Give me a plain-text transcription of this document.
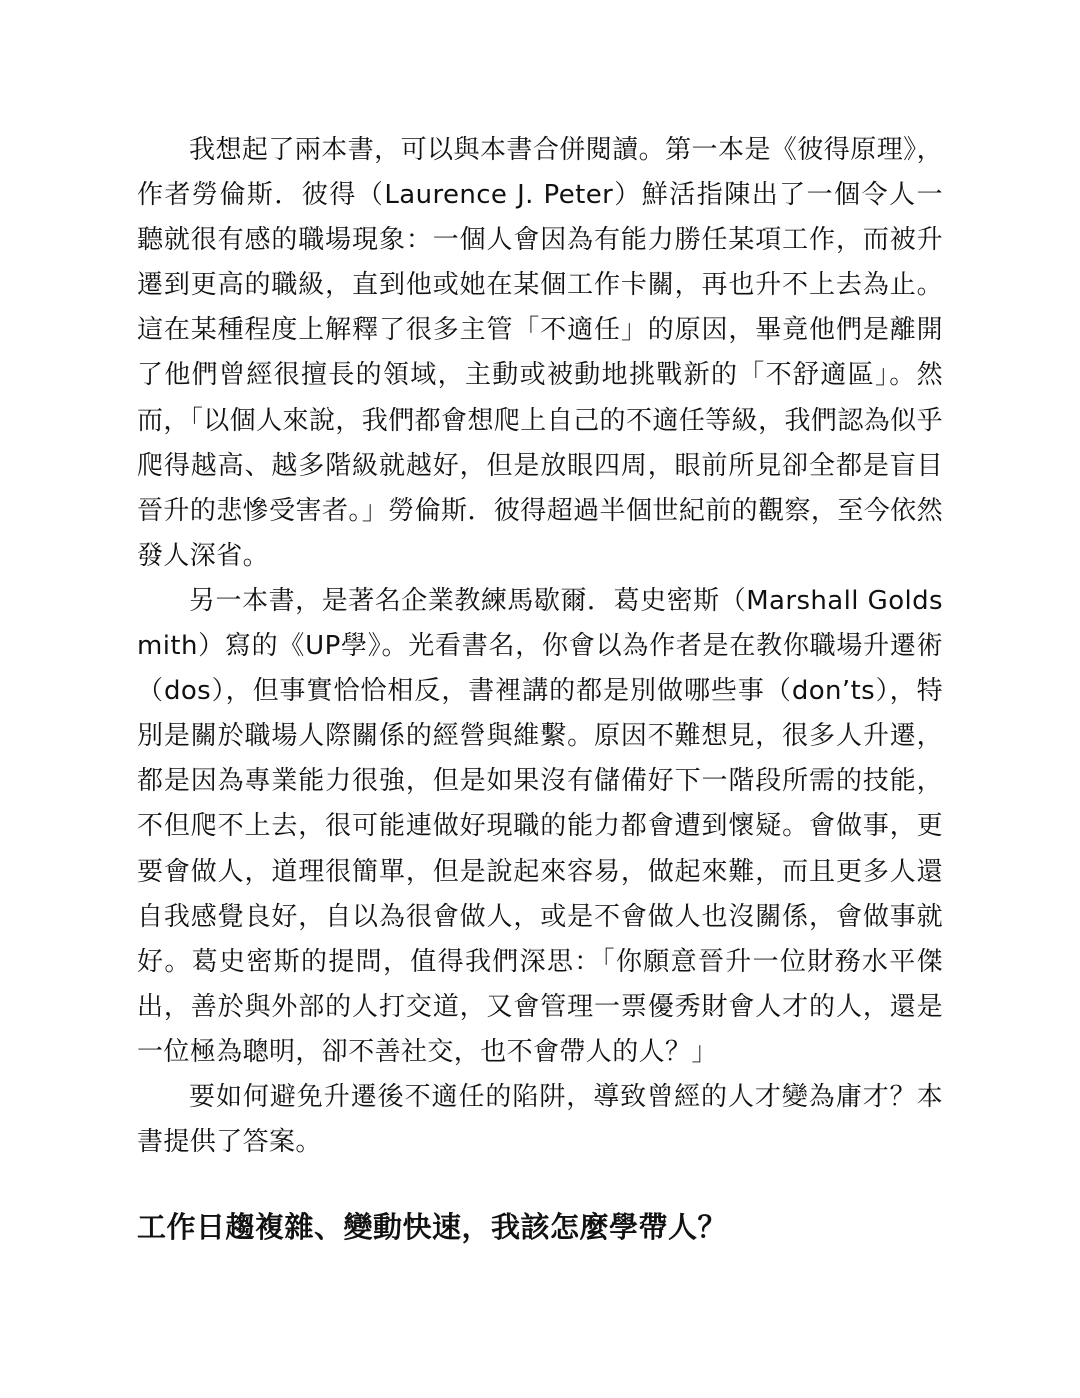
我想起了兩本書，可以與本書合併閱讀。第一本是《彼得原理》，作者勞倫斯．彼得（Laurence J. Peter）鮮活指陳出了一個令人一聽就很有感的職場現象：一個人會因為有能力勝任某項工作，而被升遷到更高的職級，直到他或她在某個工作卡關，再也升不上去為止。這在某種程度上解釋了很多主管「不適任」的原因，畢竟他們是離開了他們曾經很擅長的領域，主動或被動地挑戰新的「不舒適區」。然而，「以個人來說，我們都會想爬上自己的不適任等級，我們認為似乎爬得越高、越多階級就越好，但是放眼四周，眼前所見卻全都是盲目晉升的悲慘受害者。」勞倫斯．彼得超過半個世紀前的觀察，至今依然發人深省。

另一本書，是著名企業教練馬歇爾．葛史密斯（Marshall Goldsmith）寫的《UP學》。光看書名，你會以為作者是在教你職場升遷術（dos），但事實恰恰相反，書裡講的都是別做哪些事（don’ts），特別是關於職場人際關係的經營與維繫。原因不難想見，很多人升遷，都是因為專業能力很強，但是如果沒有儲備好下一階段所需的技能，不但爬不上去，很可能連做好現職的能力都會遭到懷疑。會做事，更要會做人，道理很簡單，但是說起來容易，做起來難，而且更多人還自我感覺良好，自以為很會做人，或是不會做人也沒關係，會做事就好。葛史密斯的提問，值得我們深思：「你願意晉升一位財務水平傑出，善於與外部的人打交道，又會管理一票優秀財會人才的人，還是一位極為聰明，卻不善社交，也不會帶人的人？」

要如何避免升遷後不適任的陷阱，導致曾經的人才變為庸才？本書提供了答案。

工作日趨複雜、變動快速，我該怎麼學帶人？
